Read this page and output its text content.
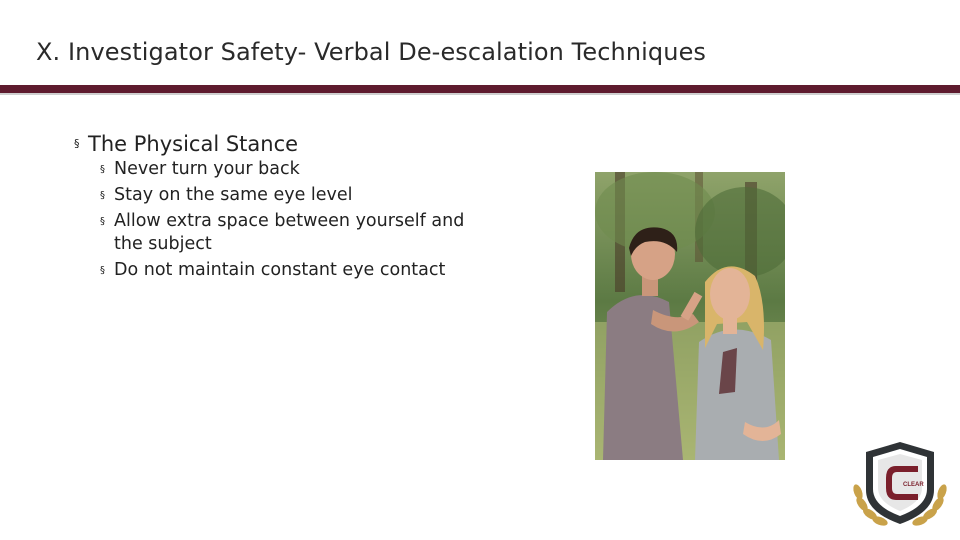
X. Investigator Safety- Verbal De-escalation Techniques
§ The Physical Stance
§ Never turn your back
§ Stay on the same eye level
§ Allow extra space between yourself and the subject
§ Do not maintain constant eye contact
CLEAR
